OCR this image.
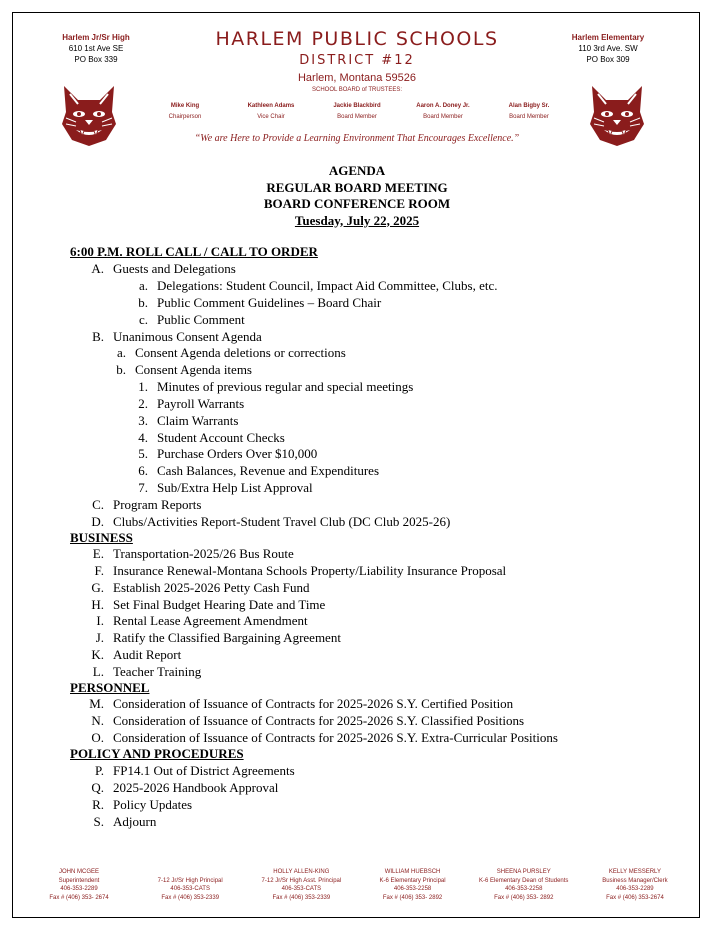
Harlem Jr/Sr High
610 1st Ave SE
PO Box 339
Harlem Elementary
110 3rd Ave. SW
PO Box 309
HARLEM PUBLIC SCHOOLS
DISTRICT #12
Harlem, Montana 59526
SCHOOL BOARD of TRUSTEES:
Mike King
Chairperson
Kathleen Adams
Vice Chair
Jackie Blackbird
Board Member
Aaron A. Doney Jr.
Board Member
Alan Bigby Sr.
Board Member
“We are Here to Provide a Learning Environment That Encourages Excellence.”
AGENDA
REGULAR BOARD MEETING
BOARD CONFERENCE ROOM
Tuesday, July 22, 2025
6:00 P.M. ROLL CALL / CALL TO ORDER
A. Guests and Delegations
a. Delegations: Student Council, Impact Aid Committee, Clubs, etc.
b. Public Comment Guidelines – Board Chair
c. Public Comment
B. Unanimous Consent Agenda
a. Consent Agenda deletions or corrections
b. Consent Agenda items
1. Minutes of previous regular and special meetings
2. Payroll Warrants
3. Claim Warrants
4. Student Account Checks
5. Purchase Orders Over $10,000
6. Cash Balances, Revenue and Expenditures
7. Sub/Extra Help List Approval
C. Program Reports
D. Clubs/Activities Report-Student Travel Club (DC Club 2025-26)
BUSINESS
E. Transportation-2025/26 Bus Route
F. Insurance Renewal-Montana Schools Property/Liability Insurance Proposal
G. Establish 2025-2026 Petty Cash Fund
H. Set Final Budget Hearing Date and Time
I. Rental Lease Agreement Amendment
J. Ratify the Classified Bargaining Agreement
K. Audit Report
L. Teacher Training
PERSONNEL
M. Consideration of Issuance of Contracts for 2025-2026 S.Y. Certified Position
N. Consideration of Issuance of Contracts for 2025-2026 S.Y. Classified Positions
O. Consideration of Issuance of Contracts for 2025-2026 S.Y. Extra-Curricular Positions
POLICY AND PROCEDURES
P. FP14.1 Out of District Agreements
Q. 2025-2026 Handbook Approval
R. Policy Updates
S. Adjourn
JOHN MCGEE
Superintendent
406-353-2289
Fax # (406) 353- 2674

7-12 Jr/Sr High Principal
406-353-CATS
Fax # (406) 353-2339
HOLLY ALLEN-KING
7-12 Jr/Sr High Asst. Principal
406-353-CATS
Fax # (406) 353-2339
WILLIAM HUEBSCH
K-6 Elementary Principal
406-353-2258
Fax # (406) 353- 2892
SHEENA PURSLEY
K-6 Elementary Dean of Students
406-353-2258
Fax # (406) 353- 2892
KELLY MESSERLY
Business Manager/Clerk
406-353-2289
Fax # (406) 353-2674
